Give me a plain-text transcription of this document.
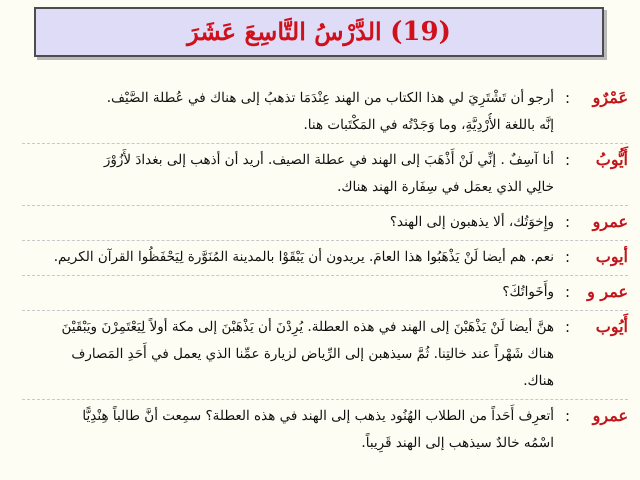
(19) الدَّرْسُ التَّاسِعَ عَشَرَ
عَمْرٌو
:
أرجو أن تَشْتَرِيَ لي هذا الكتاب من الهند عِنْدَمَا تذهبُ إلى هناك في عُطلة الصَّيْف.
إنَّه باللغة الأُرْدِيَّةِ، وما وَجَدْتُه في المَكْتَبات هنا.
أَيُّوبُ
:
أنا آسِفٌ . إنِّي لَنْ أَذْهَبَ إلى الهند في عطلة الصيف. أريد أن أذهب إلى بغدادَ لأَزُوْرَ
خالِي الذي يعمَل في سِفَارة الهند هناك.
عمرو
:
وإِخوَتُك، ألا يذهبون إلى الهند؟
أيوب
:
نعم. هم أيضا لَنْ يَذْهَبُوا هذا العامَ. يريدون أن يَبْقَوْا بالمدينة المُنَوَّرة لِيَحْفَظُوا القرآن الكريم.
عمر و
:
وأَخَواتُكَ؟
أَيُوب
:
هنَّ أيضا لَنْ يَذْهَبْنَ إلى الهند في هذه العطلة. يُرِدْنَ أن يَذْهَبْنَ إلى مكة أولاً لِيَعْتَمِرْنَ ويَبْقَيْنَ
هناك شَهْراً عند خالتِنا. ثُمَّ سيذهبن إلى الرِّياض لزيارة عمِّنا الذي يعمل في أَحَدِ المَصارف
هناك.
عمرو
:
أتعرِف أَحَداً من الطلاب الهُنُود يذهب إلى الهند في هذه العطلة؟ سمِعت أنَّ طالباً هِنْدِيًّا
اسْمُه خالدٌ سيذهب إلى الهند قَرِيباً.
